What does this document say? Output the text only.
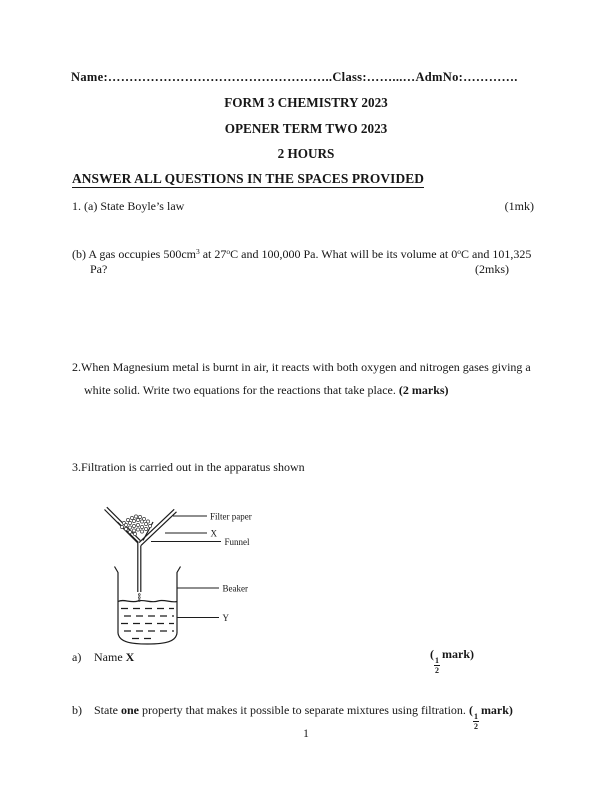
Name:……………………………………………..Class:……...…AdmNo:………….
FORM 3 CHEMISTRY 2023
OPENER TERM TWO 2023
2 HOURS
ANSWER ALL QUESTIONS IN THE SPACES PROVIDED
1. (a) State Boyle’s law	(1mk)
(b) A gas occupies $500cm^3$ at 27$^o$C and 100,000 Pa. What will be its volume at 0$^o$C and 101,325
Pa?	(2mks)
2.When Magnesium metal is burnt in air, it reacts with both oxygen and nitrogen gases giving a
white solid. Write two equations for the reactions that take place. (2 marks)
3.Filtration is carried out in the apparatus shown
Filter paper
X
Funnel
Beaker
Y
a) Name X	(
$\frac{1}{2}$
mark)
b) State one property that makes it possible to separate mixtures using filtration. (
$\frac{1}{2}$
mark)
1
